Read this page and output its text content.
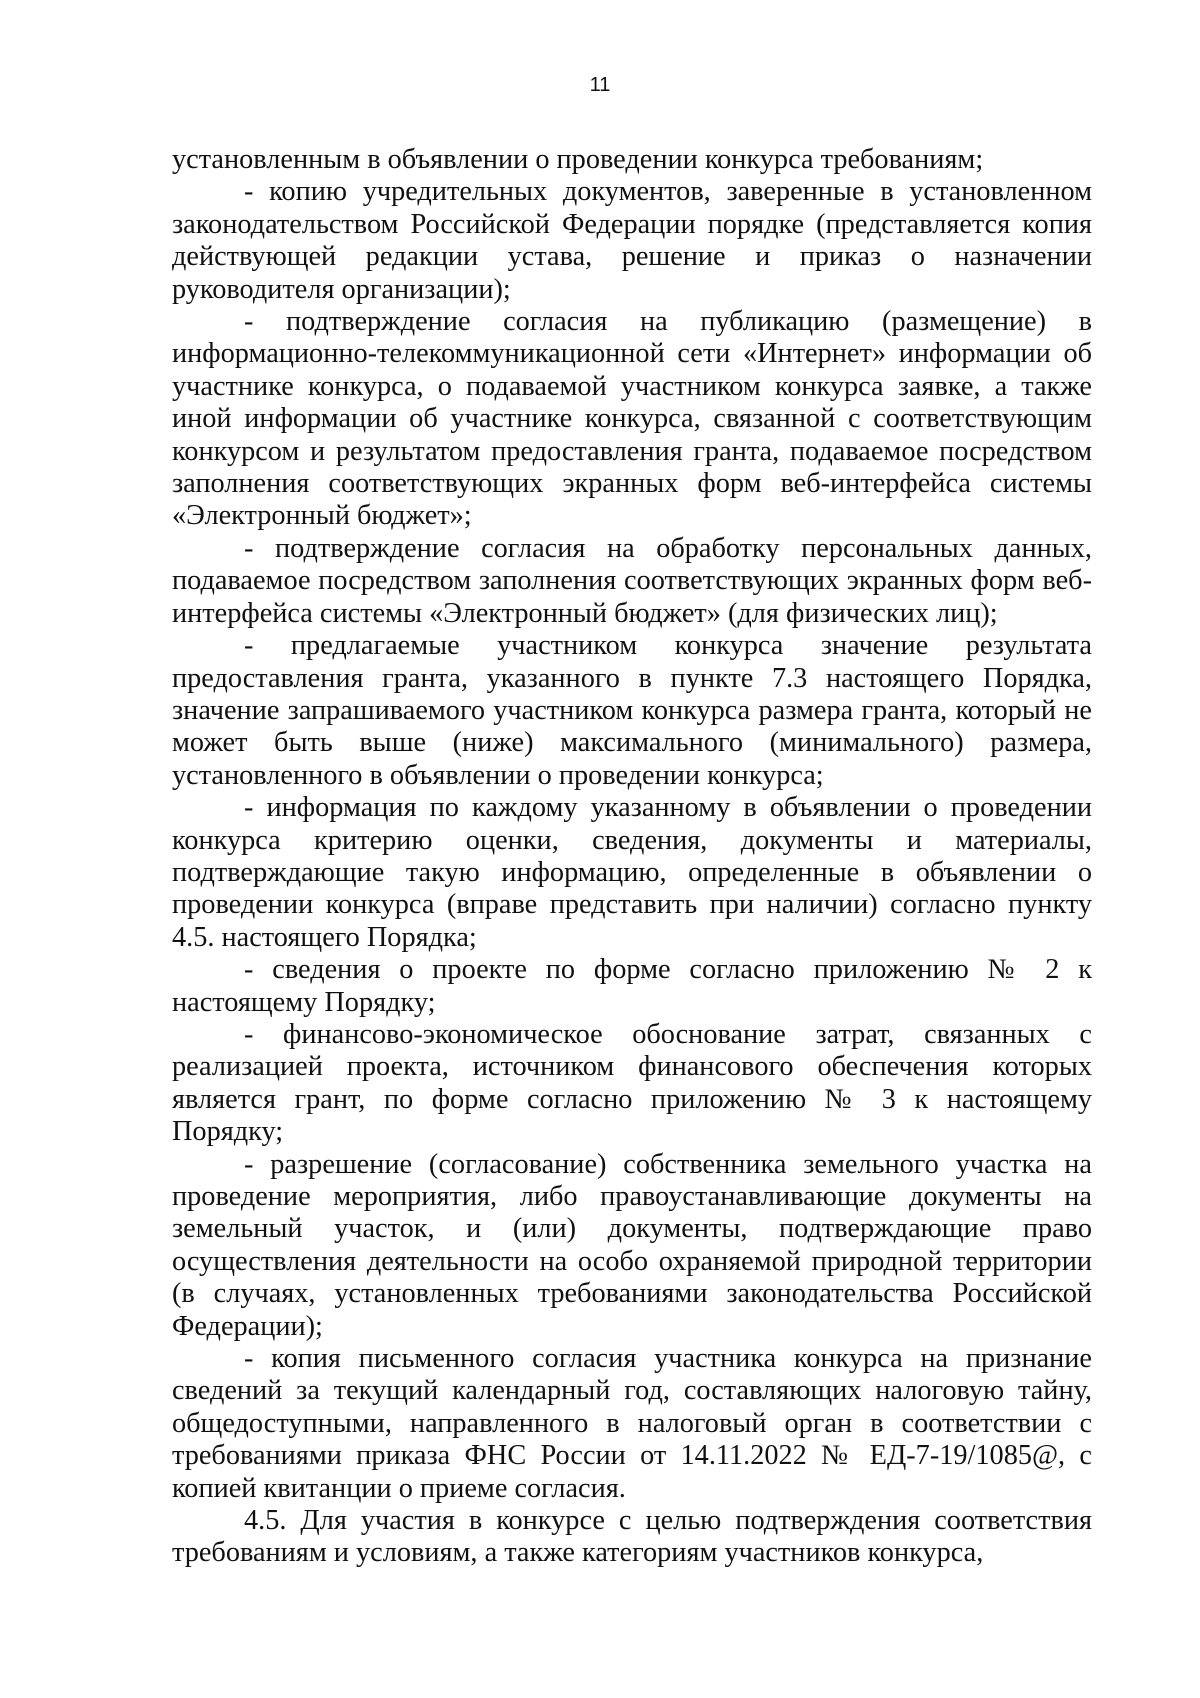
11

установленным в объявлении о проведении конкурса требованиям;

- копию учредительных документов, заверенные в установленном законодательством Российской Федерации порядке (представляется копия действующей редакции устава, решение и приказ о назначении руководителя организации);

- подтверждение согласия на публикацию (размещение) в информационно-телекоммуникационной сети «Интернет» информации об участнике конкурса, о подаваемой участником конкурса заявке, а также иной информации об участнике конкурса, связанной с соответствующим конкурсом и результатом предоставления гранта, подаваемое посредством заполнения соответствующих экранных форм веб-интерфейса системы «Электронный бюджет»;

- подтверждение согласия на обработку персональных данных, подаваемое посредством заполнения соответствующих экранных форм веб-интерфейса системы «Электронный бюджет» (для физических лиц);

- предлагаемые участником конкурса значение результата предоставления гранта, указанного в пункте 7.3 настоящего Порядка, значение запрашиваемого участником конкурса размера гранта, который не может быть выше (ниже) максимального (минимального) размера, установленного в объявлении о проведении конкурса;

- информация по каждому указанному в объявлении о проведении конкурса критерию оценки, сведения, документы и материалы, подтверждающие такую информацию, определенные в объявлении о проведении конкурса (вправе представить при наличии) согласно пункту 4.5. настоящего Порядка;

- сведения о проекте по форме согласно приложению № 2 к настоящему Порядку;

- финансово-экономическое обоснование затрат, связанных с реализацией проекта, источником финансового обеспечения которых является грант, по форме согласно приложению № 3 к настоящему Порядку;

- разрешение (согласование) собственника земельного участка на проведение мероприятия, либо правоустанавливающие документы на земельный участок, и (или) документы, подтверждающие право осуществления деятельности на особо охраняемой природной территории (в случаях, установленных требованиями законодательства Российской Федерации);

- копия письменного согласия участника конкурса на признание сведений за текущий календарный год, составляющих налоговую тайну, общедоступными, направленного в налоговый орган в соответствии с требованиями приказа ФНС России от 14.11.2022 № ЕД-7-19/1085@, с копией квитанции о приеме согласия.

4.5. Для участия в конкурсе с целью подтверждения соответствия требованиям и условиям, а также категориям участников конкурса,
